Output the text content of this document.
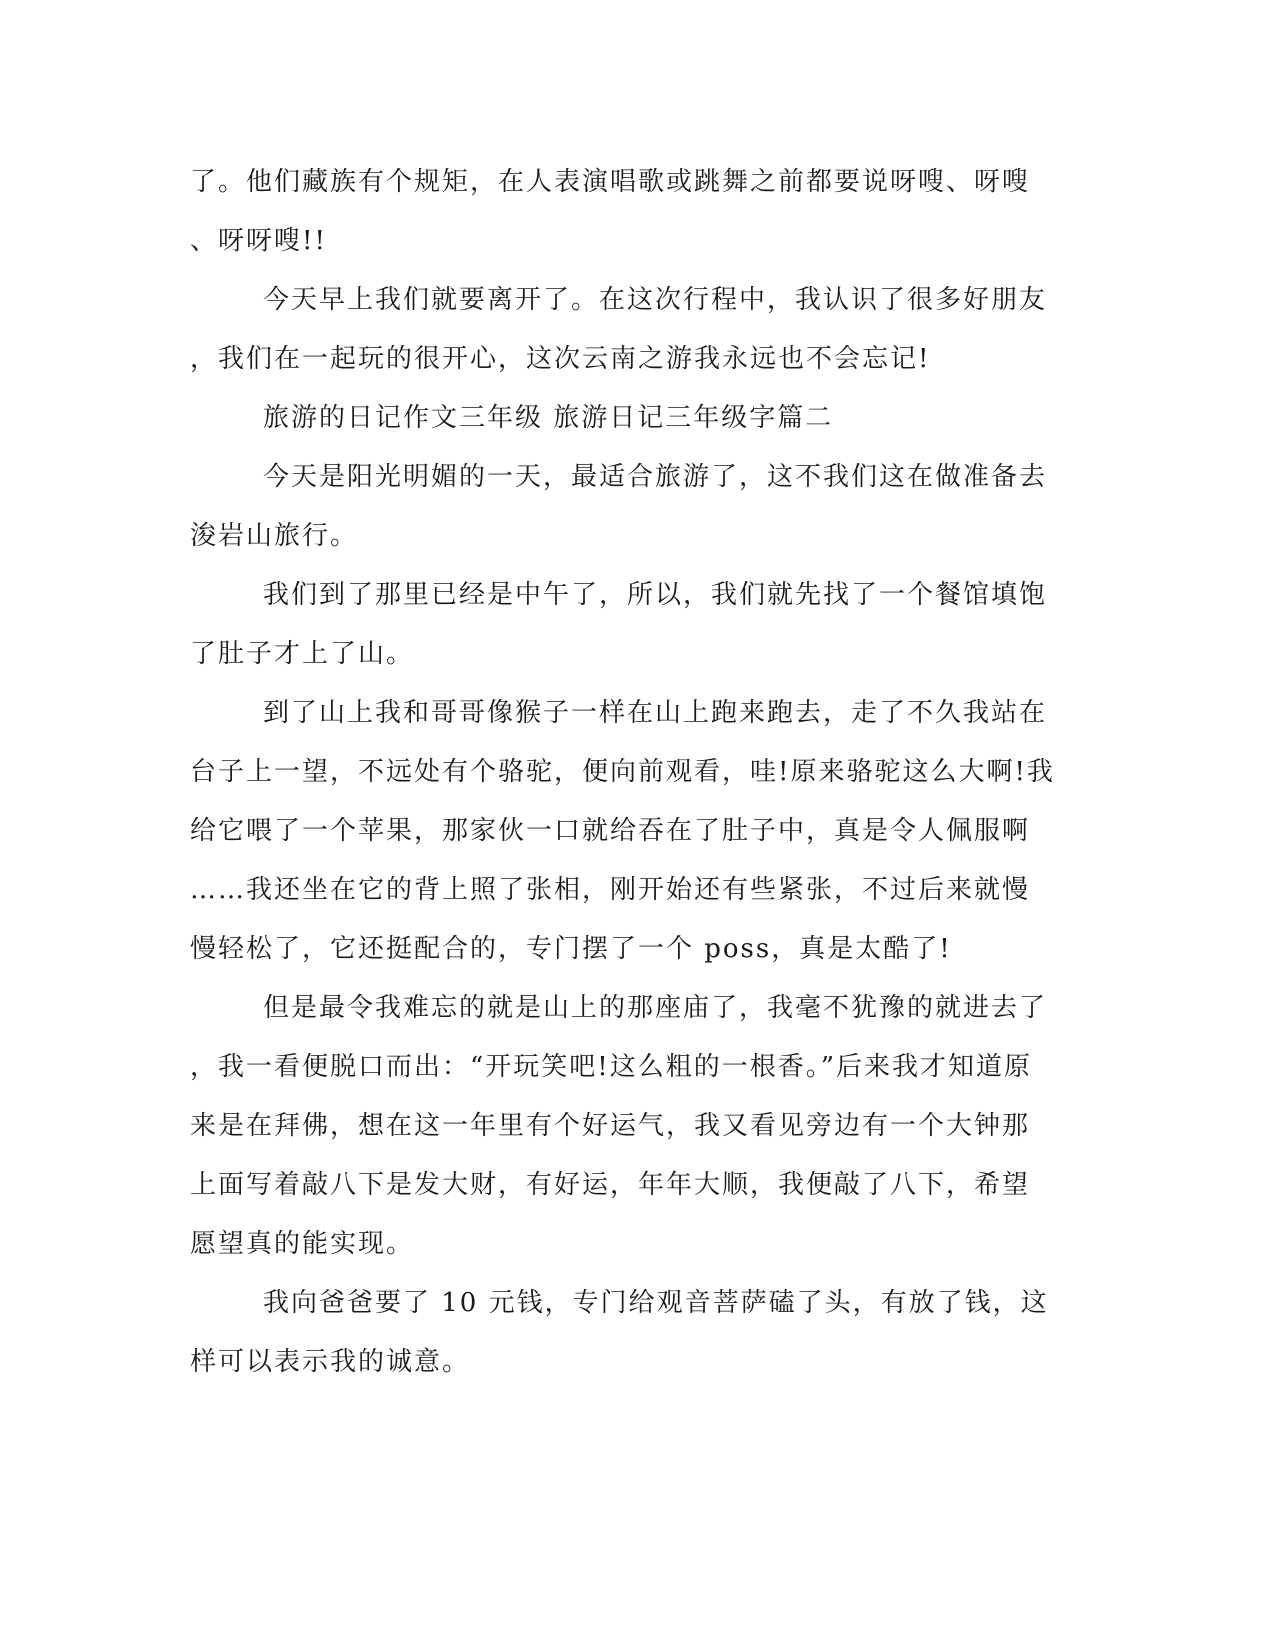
了。他们藏族有个规矩，在人表演唱歌或跳舞之前都要说呀嗖、呀嗖
、呀呀嗖!!
今天早上我们就要离开了。在这次行程中，我认识了很多好朋友
，我们在一起玩的很开心，这次云南之游我永远也不会忘记!
旅游的日记作文三年级 旅游日记三年级字篇二
今天是阳光明媚的一天，最适合旅游了，这不我们这在做准备去
浚岩山旅行。
我们到了那里已经是中午了，所以，我们就先找了一个餐馆填饱
了肚子才上了山。
到了山上我和哥哥像猴子一样在山上跑来跑去，走了不久我站在
台子上一望，不远处有个骆驼，便向前观看，哇!原来骆驼这么大啊!我
给它喂了一个苹果，那家伙一口就给吞在了肚子中，真是令人佩服啊
……我还坐在它的背上照了张相，刚开始还有些紧张，不过后来就慢
慢轻松了，它还挺配合的，专门摆了一个 poss，真是太酷了!
但是最令我难忘的就是山上的那座庙了，我毫不犹豫的就进去了
，我一看便脱口而出：“开玩笑吧!这么粗的一根香。”后来我才知道原
来是在拜佛，想在这一年里有个好运气，我又看见旁边有一个大钟那
上面写着敲八下是发大财，有好运，年年大顺，我便敲了八下，希望
愿望真的能实现。
我向爸爸要了 10 元钱，专门给观音菩萨磕了头，有放了钱，这
样可以表示我的诚意。
